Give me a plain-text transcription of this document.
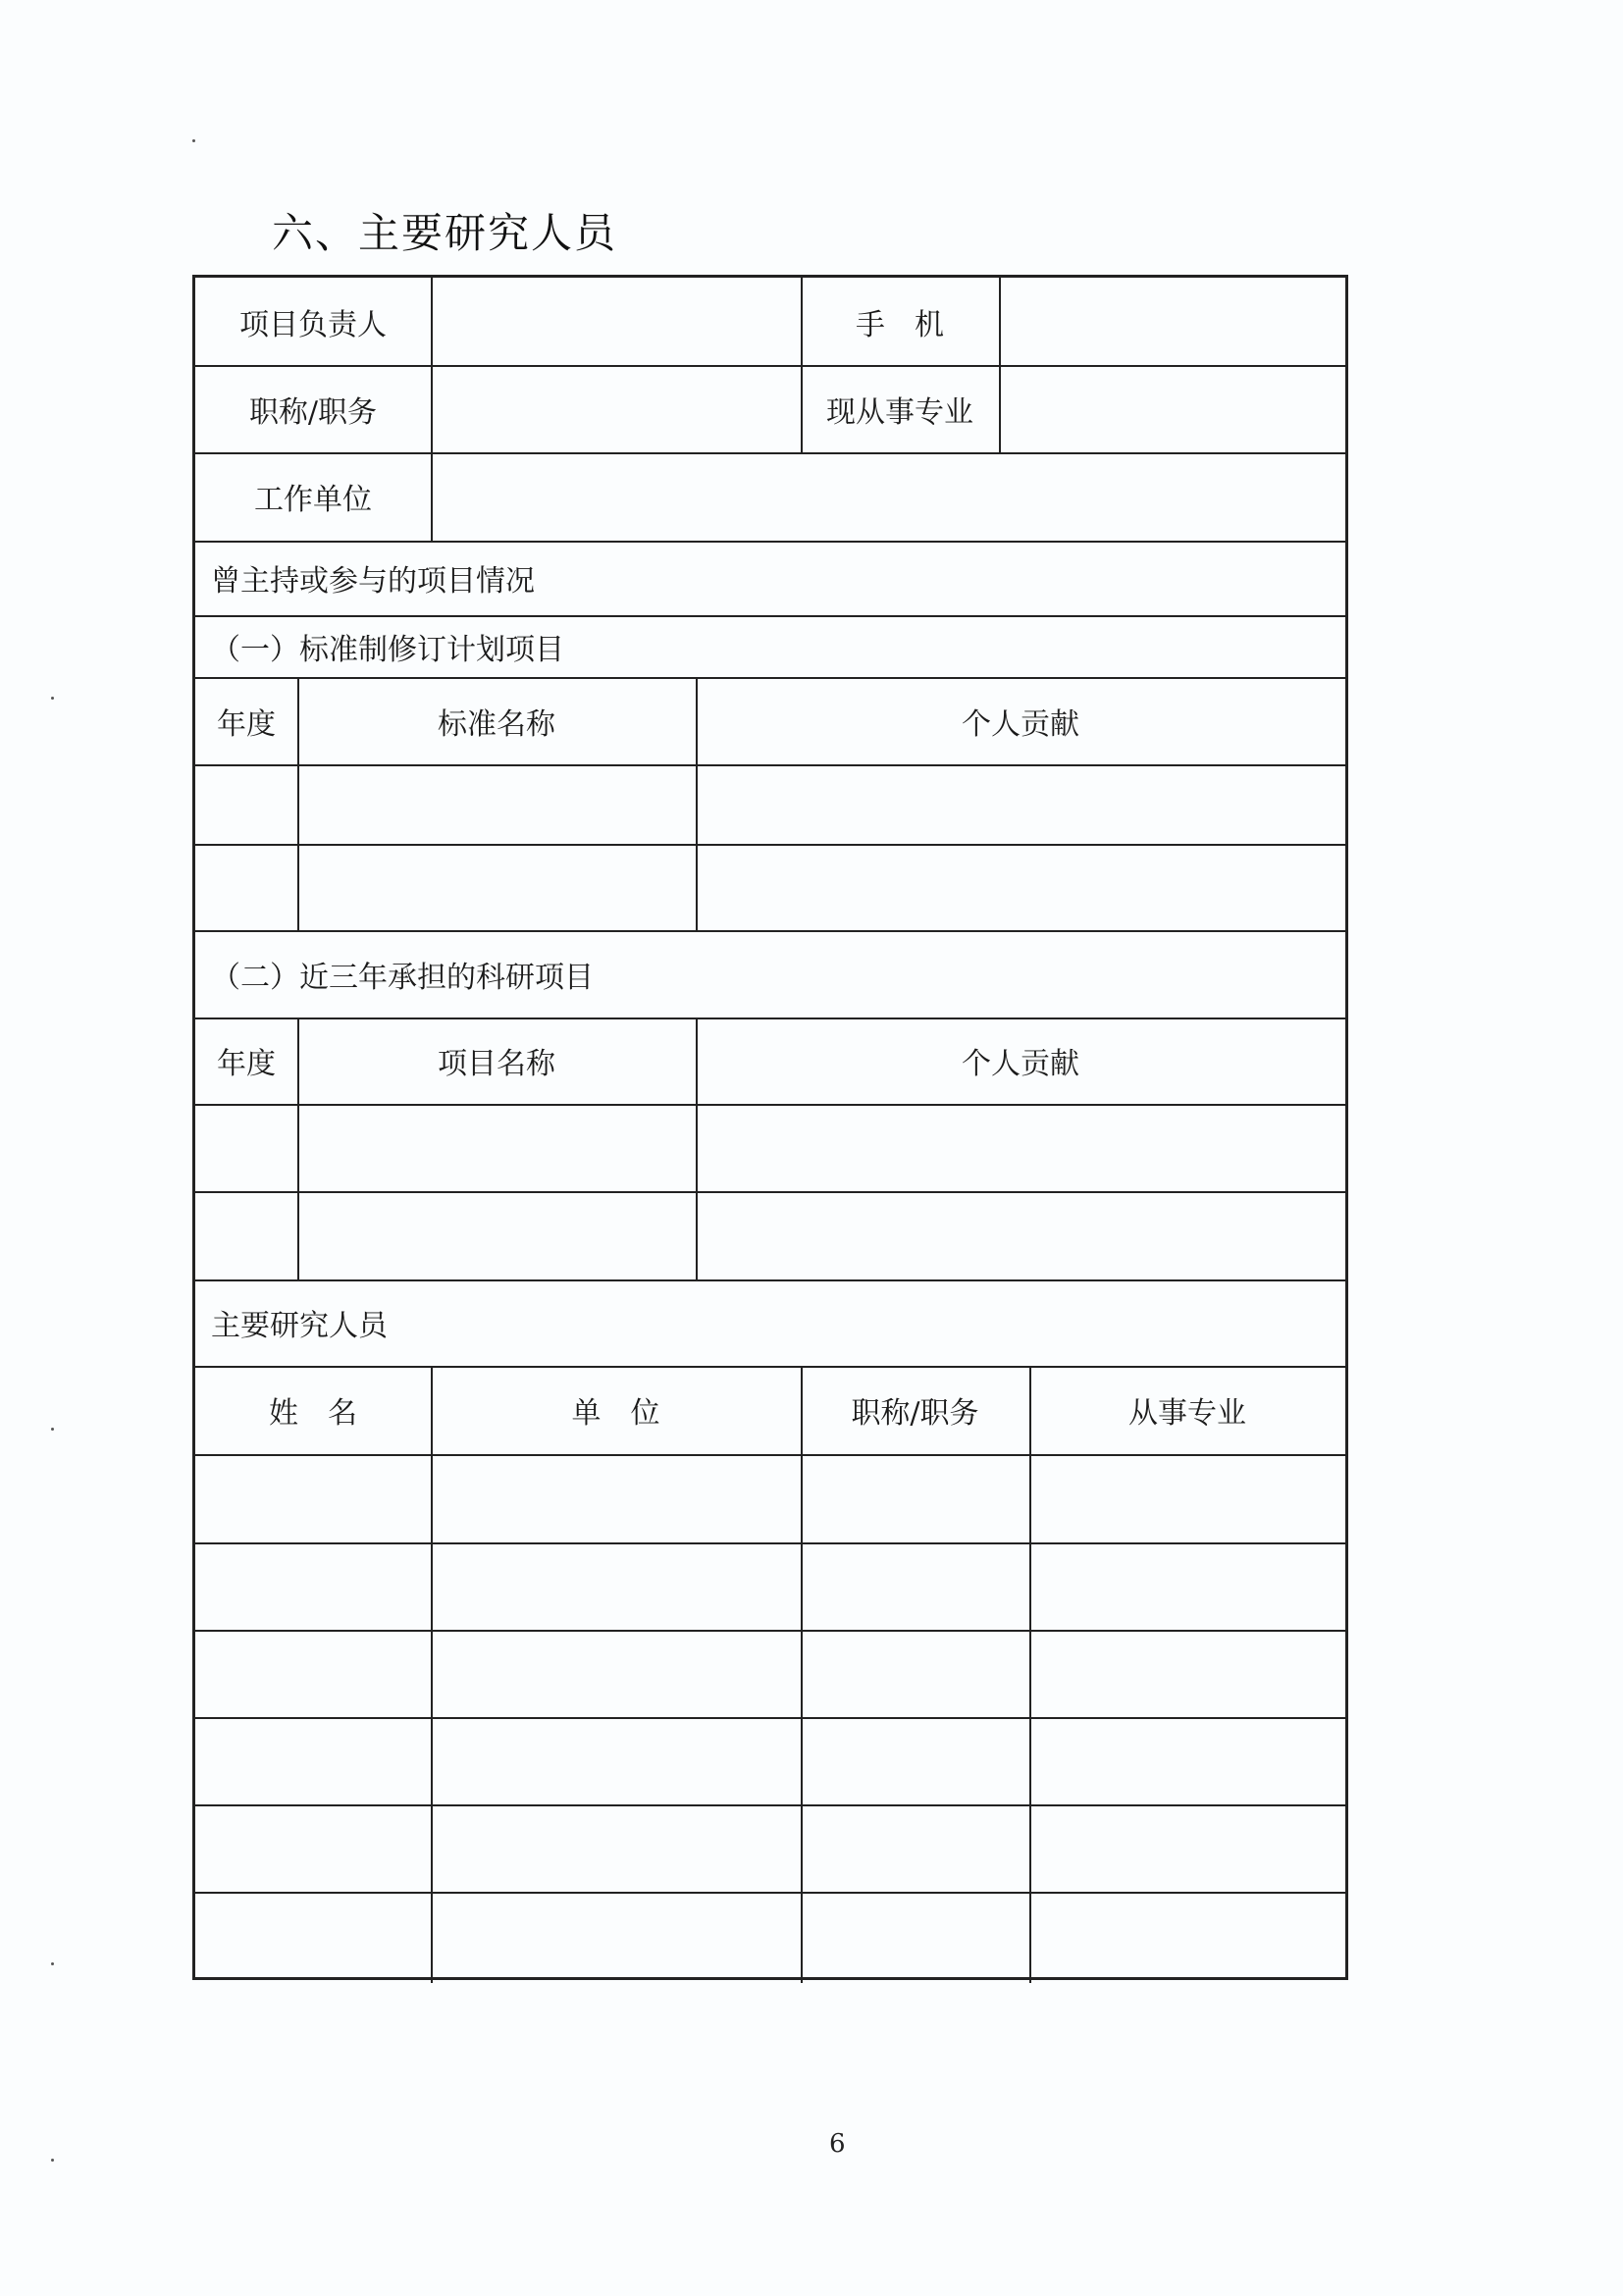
六、主要研究人员
项目负责人	手　机
职称/职务	现从事专业
工作单位
曾主持或参与的项目情况
（一）标准制修订计划项目
年度	标准名称	个人贡献
（二）近三年承担的科研项目
年度	项目名称	个人贡献
主要研究人员
姓　名	单　位	职称/职务	从事专业
6
